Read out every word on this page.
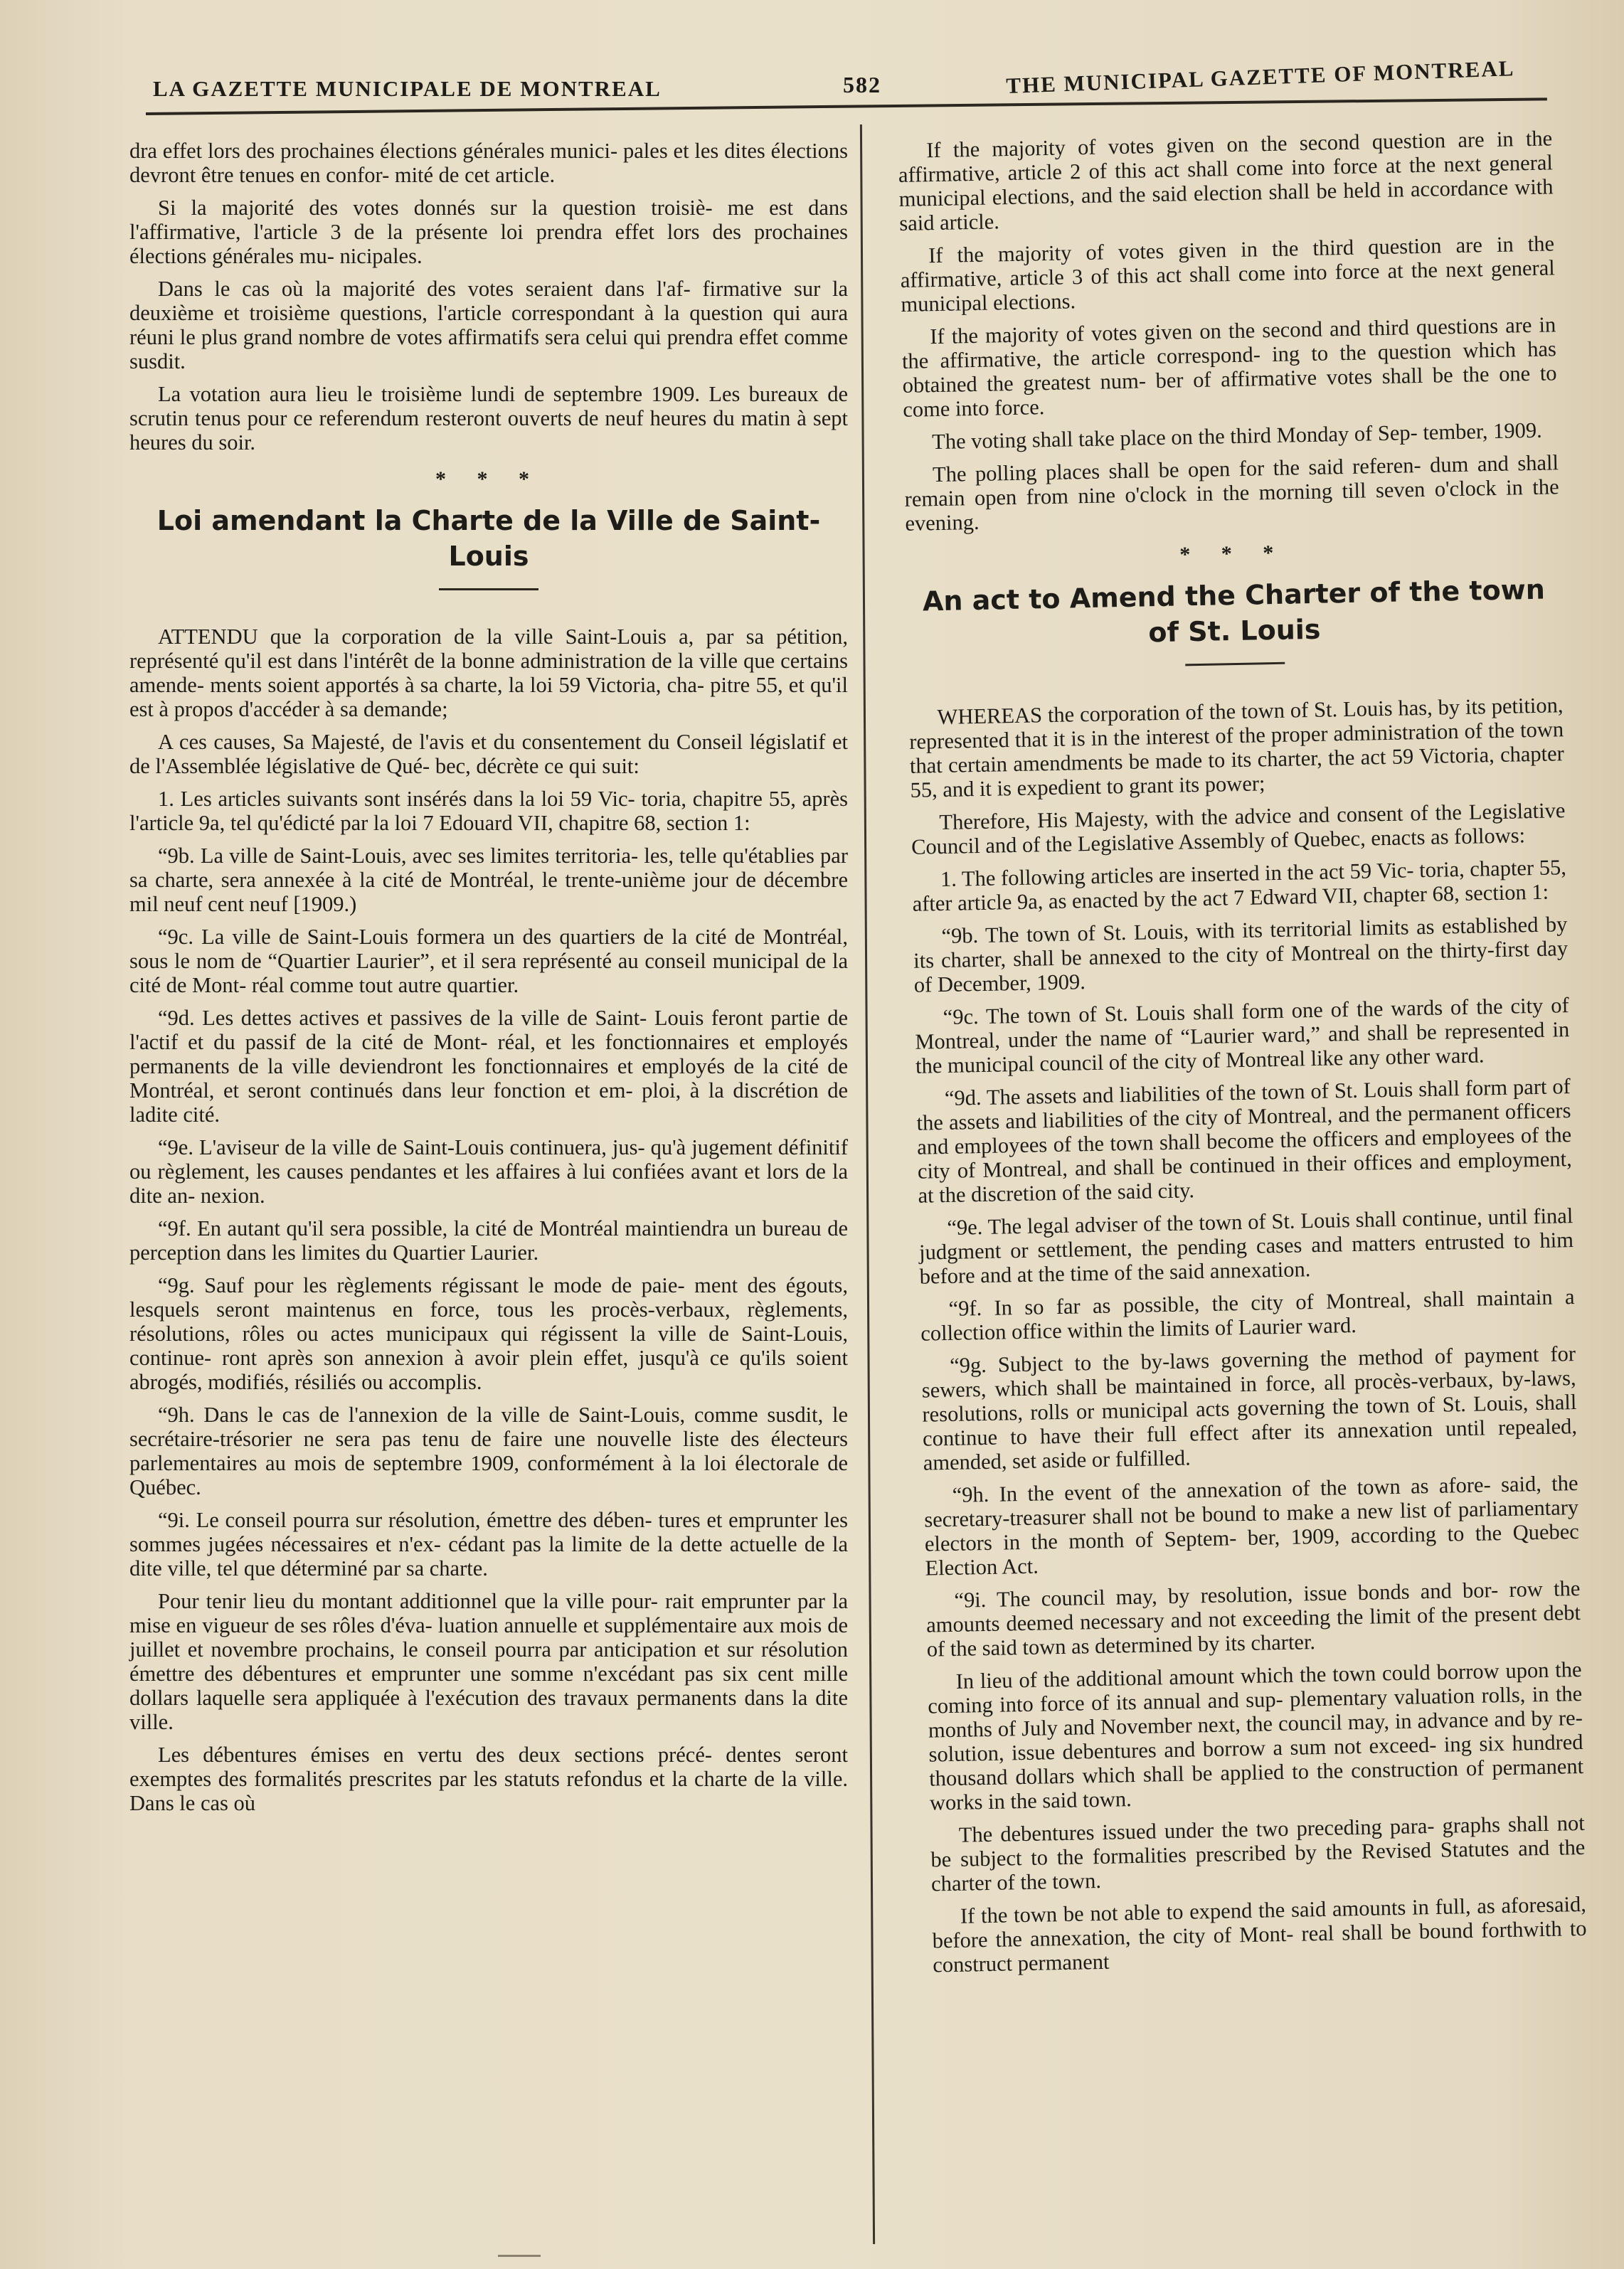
LA GAZETTE MUNICIPALE DE MONTREAL	582	THE MUNICIPAL GAZETTE OF MONTREAL

dra effet lors des prochaines élections générales munici- pales et les dites élections devront être tenues en confor- mité de cet article.

Si la majorité des votes donnés sur la question troisiè- me est dans l'affirmative, l'article 3 de la présente loi prendra effet lors des prochaines élections générales mu- nicipales.

Dans le cas où la majorité des votes seraient dans l'af- firmative sur la deuxième et troisième questions, l'article correspondant à la question qui aura réuni le plus grand nombre de votes affirmatifs sera celui qui prendra effet comme susdit.

La votation aura lieu le troisième lundi de septembre 1909. Les bureaux de scrutin tenus pour ce referendum resteront ouverts de neuf heures du matin à sept heures du soir.

* * *
Loi amendant la Charte de la Ville de Saint-Louis

ATTENDU que la corporation de la ville Saint-Louis a, par sa pétition, représenté qu'il est dans l'intérêt de la bonne administration de la ville que certains amende- ments soient apportés à sa charte, la loi 59 Victoria, cha- pitre 55, et qu'il est à propos d'accéder à sa demande;

A ces causes, Sa Majesté, de l'avis et du consentement du Conseil législatif et de l'Assemblée législative de Qué- bec, décrète ce qui suit:

1. Les articles suivants sont insérés dans la loi 59 Vic- toria, chapitre 55, après l'article 9a, tel qu'édicté par la loi 7 Edouard VII, chapitre 68, section 1:

“9b. La ville de Saint-Louis, avec ses limites territoria- les, telle qu'établies par sa charte, sera annexée à la cité de Montréal, le trente-unième jour de décembre mil neuf cent neuf [1909.)

“9c. La ville de Saint-Louis formera un des quartiers de la cité de Montréal, sous le nom de “Quartier Laurier”, et il sera représenté au conseil municipal de la cité de Mont- réal comme tout autre quartier.

“9d. Les dettes actives et passives de la ville de Saint- Louis feront partie de l'actif et du passif de la cité de Mont- réal, et les fonctionnaires et employés permanents de la ville deviendront les fonctionnaires et employés de la cité de Montréal, et seront continués dans leur fonction et em- ploi, à la discrétion de ladite cité.

“9e. L'aviseur de la ville de Saint-Louis continuera, jus- qu'à jugement définitif ou règlement, les causes pendantes et les affaires à lui confiées avant et lors de la dite an- nexion.

“9f. En autant qu'il sera possible, la cité de Montréal maintiendra un bureau de perception dans les limites du Quartier Laurier.

“9g. Sauf pour les règlements régissant le mode de paie- ment des égouts, lesquels seront maintenus en force, tous les procès-verbaux, règlements, résolutions, rôles ou actes municipaux qui régissent la ville de Saint-Louis, continue- ront après son annexion à avoir plein effet, jusqu'à ce qu'ils soient abrogés, modifiés, résiliés ou accomplis.

“9h. Dans le cas de l'annexion de la ville de Saint-Louis, comme susdit, le secrétaire-trésorier ne sera pas tenu de faire une nouvelle liste des électeurs parlementaires au mois de septembre 1909, conformément à la loi électorale de Québec.

“9i. Le conseil pourra sur résolution, émettre des dében- tures et emprunter les sommes jugées nécessaires et n'ex- cédant pas la limite de la dette actuelle de la dite ville, tel que déterminé par sa charte.

Pour tenir lieu du montant additionnel que la ville pour- rait emprunter par la mise en vigueur de ses rôles d'éva- luation annuelle et supplémentaire aux mois de juillet et novembre prochains, le conseil pourra par anticipation et sur résolution émettre des débentures et emprunter une somme n'excédant pas six cent mille dollars laquelle sera appliquée à l'exécution des travaux permanents dans la dite ville.

Les débentures émises en vertu des deux sections précé- dentes seront exemptes des formalités prescrites par les statuts refondus et la charte de la ville. Dans le cas où

If the majority of votes given on the second question are in the affirmative, article 2 of this act shall come into force at the next general municipal elections, and the said election shall be held in accordance with said article.

If the majority of votes given in the third question are in the affirmative, article 3 of this act shall come into force at the next general municipal elections.

If the majority of votes given on the second and third questions are in the affirmative, the article correspond- ing to the question which has obtained the greatest num- ber of affirmative votes shall be the one to come into force.

The voting shall take place on the third Monday of Sep- tember, 1909.

The polling places shall be open for the said referen- dum and shall remain open from nine o'clock in the morning till seven o'clock in the evening.

* * *
An act to Amend the Charter of the town of St. Louis

WHEREAS the corporation of the town of St. Louis has, by its petition, represented that it is in the interest of the proper administration of the town that certain amendments be made to its charter, the act 59 Victoria, chapter 55, and it is expedient to grant its power;

Therefore, His Majesty, with the advice and consent of the Legislative Council and of the Legislative Assembly of Quebec, enacts as follows:

1. The following articles are inserted in the act 59 Vic- toria, chapter 55, after article 9a, as enacted by the act 7 Edward VII, chapter 68, section 1:

“9b. The town of St. Louis, with its territorial limits as established by its charter, shall be annexed to the city of Montreal on the thirty-first day of December, 1909.

“9c. The town of St. Louis shall form one of the wards of the city of Montreal, under the name of “Laurier ward,” and shall be represented in the municipal council of the city of Montreal like any other ward.

“9d. The assets and liabilities of the town of St. Louis shall form part of the assets and liabilities of the city of Montreal, and the permanent officers and employees of the town shall become the officers and employees of the city of Montreal, and shall be continued in their offices and employment, at the discretion of the said city.

“9e. The legal adviser of the town of St. Louis shall continue, until final judgment or settlement, the pending cases and matters entrusted to him before and at the time of the said annexation.

“9f. In so far as possible, the city of Montreal, shall maintain a collection office within the limits of Laurier ward.

“9g. Subject to the by-laws governing the method of payment for sewers, which shall be maintained in force, all procès-verbaux, by-laws, resolutions, rolls or municipal acts governing the town of St. Louis, shall continue to have their full effect after its annexation until repealed, amended, set aside or fulfilled.

“9h. In the event of the annexation of the town as afore- said, the secretary-treasurer shall not be bound to make a new list of parliamentary electors in the month of Septem- ber, 1909, according to the Quebec Election Act.

“9i. The council may, by resolution, issue bonds and bor- row the amounts deemed necessary and not exceeding the limit of the present debt of the said town as determined by its charter.

In lieu of the additional amount which the town could borrow upon the coming into force of its annual and sup- plementary valuation rolls, in the months of July and November next, the council may, in advance and by re- solution, issue debentures and borrow a sum not exceed- ing six hundred thousand dollars which shall be applied to the construction of permanent works in the said town.

The debentures issued under the two preceding para- graphs shall not be subject to the formalities prescribed by the Revised Statutes and the charter of the town.

If the town be not able to expend the said amounts in full, as aforesaid, before the annexation, the city of Mont- real shall be bound forthwith to construct permanent
